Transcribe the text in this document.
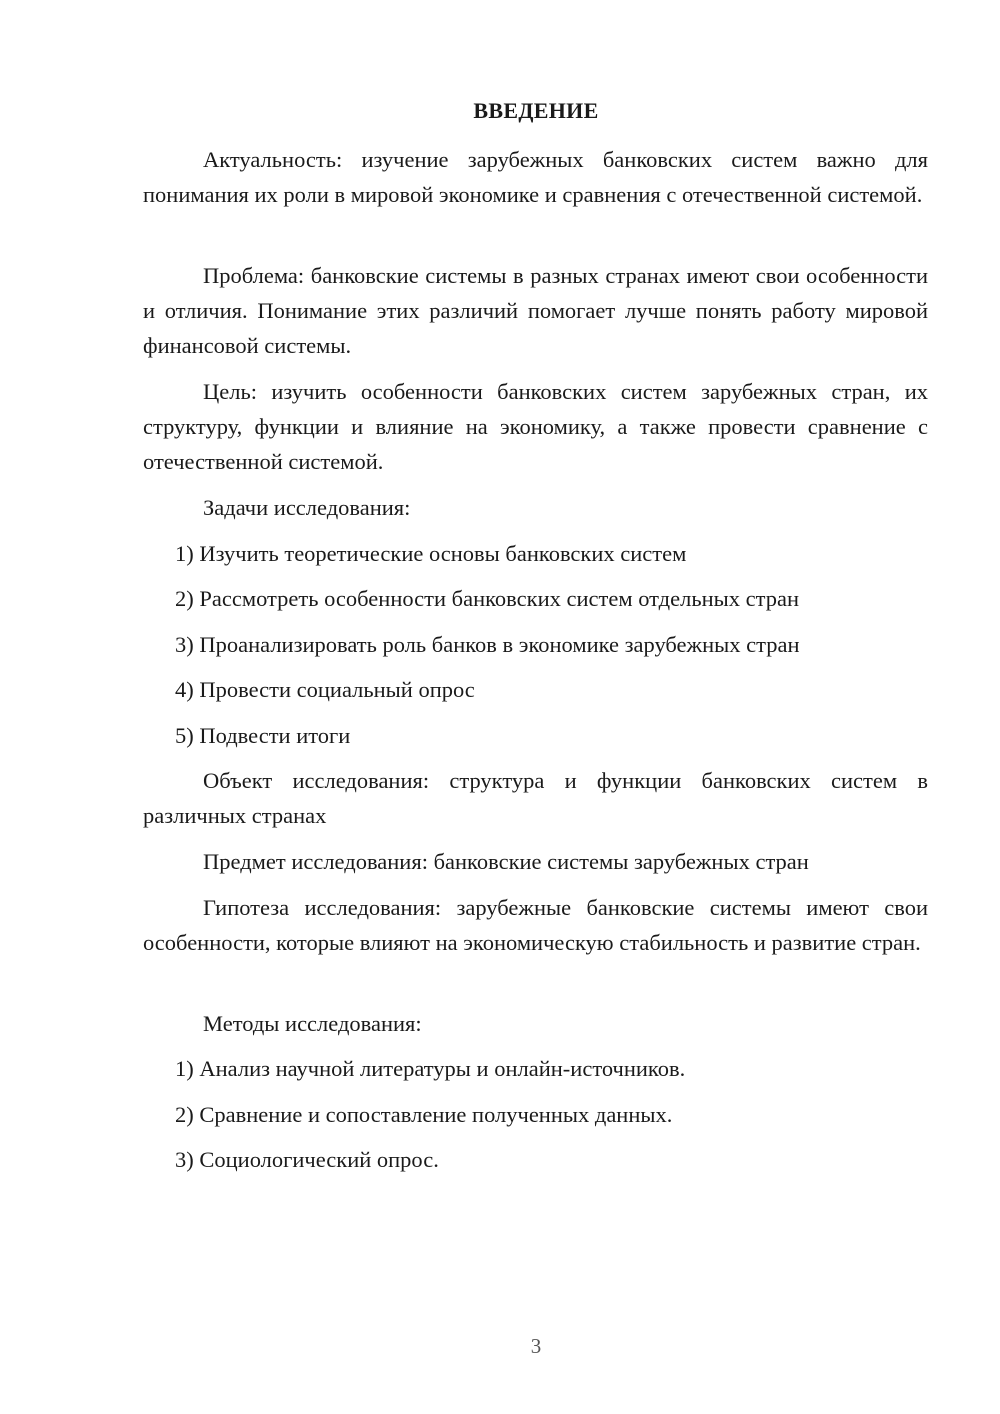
ВВЕДЕНИЕ

Актуальность: изучение зарубежных банковских систем важно для понимания их роли в мировой экономике и сравнения с отечественной системой.

Проблема: банковские системы в разных странах имеют свои особенности и отличия. Понимание этих различий помогает лучше понять работу мировой финансовой системы.

Цель: изучить особенности банковских систем зарубежных стран, их структуру, функции и влияние на экономику, а также провести сравнение с отечественной системой.

Задачи исследования:

1) Изучить теоретические основы банковских систем

2) Рассмотреть особенности банковских систем отдельных стран

3) Проанализировать роль банков в экономике зарубежных стран

4) Провести социальный опрос

5) Подвести итоги

Объект исследования: структура и функции банковских систем в различных странах

Предмет исследования: банковские системы зарубежных стран

Гипотеза исследования: зарубежные банковские системы имеют свои особенности, которые влияют на экономическую стабильность и развитие стран.

Методы исследования:

1) Анализ научной литературы и онлайн-источников.

2) Сравнение и сопоставление полученных данных.

3) Социологический опрос.

3
